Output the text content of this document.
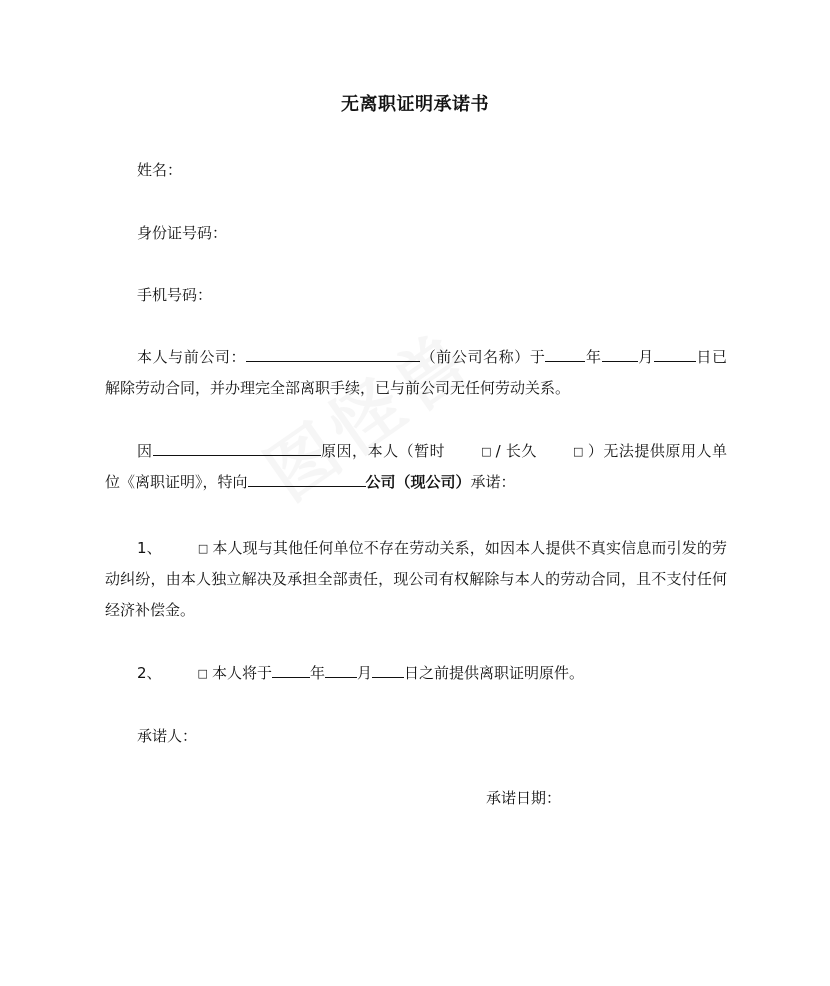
无离职证明承诺书
姓名：
身份证号码：
手机号码：
本人与前公司：	（前公司名称）于	年 月	日已解除劳动合同，并办理完全部离职手续，已与前公司无任何劳动关系。
因	原因，本人（暂时	□ / 长久	□ ）无法提供原用人单位《离职证明》，特向	公司（现公司）承诺：
1、	□ 本人现与其他任何单位不存在劳动关系，如因本人提供不真实信息而引发的劳动纠纷，由本人独立解决及承担全部责任，现公司有权解除与本人的劳动合同，且不支付任何经济补偿金。
2、	□ 本人将于	年 月 日之前提供离职证明原件。
承诺人：
承诺日期：
